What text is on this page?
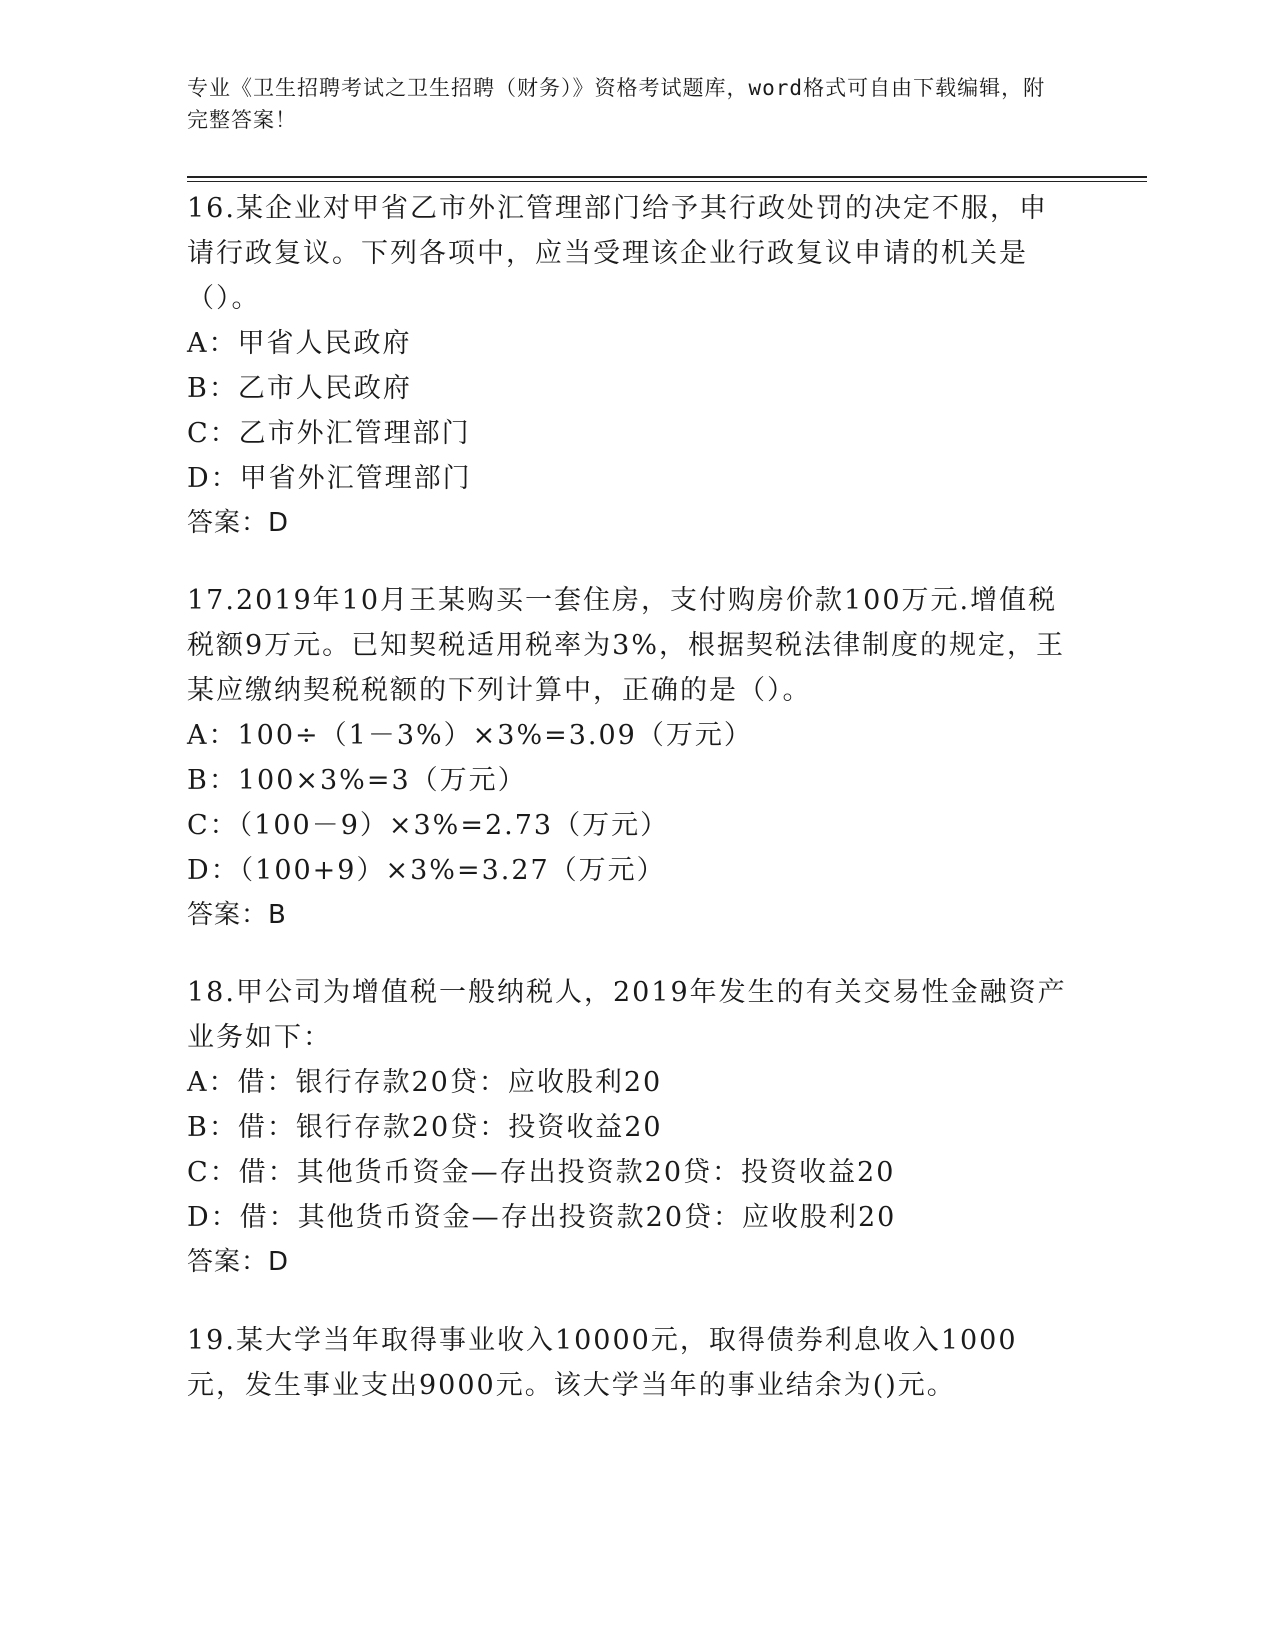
专业《卫生招聘考试之卫生招聘（财务）》资格考试题库，word格式可自由下载编辑，附完整答案！

16.某企业对甲省乙市外汇管理部门给予其行政处罚的决定不服，申请行政复议。下列各项中，应当受理该企业行政复议申请的机关是（）。

A：甲省人民政府

B：乙市人民政府

C：乙市外汇管理部门

D：甲省外汇管理部门

答案：D

17.2019年10月王某购买一套住房，支付购房价款100万元.增值税税额9万元。已知契税适用税率为3%，根据契税法律制度的规定，王某应缴纳契税税额的下列计算中，正确的是（）。

A：100÷（1－3%）×3%=3.09（万元）

B：100×3%=3（万元）

C：（100－9）×3%=2.73（万元）

D：（100+9）×3%=3.27（万元）

答案：B

18.甲公司为增值税一般纳税人，2019年发生的有关交易性金融资产业务如下：

A：借：银行存款20贷：应收股利20

B：借：银行存款20贷：投资收益20

C：借：其他货币资金—存出投资款20贷：投资收益20

D：借：其他货币资金—存出投资款20贷：应收股利20

答案：D

19.某大学当年取得事业收入10000元，取得债券利息收入1000元，发生事业支出9000元。该大学当年的事业结余为()元。
